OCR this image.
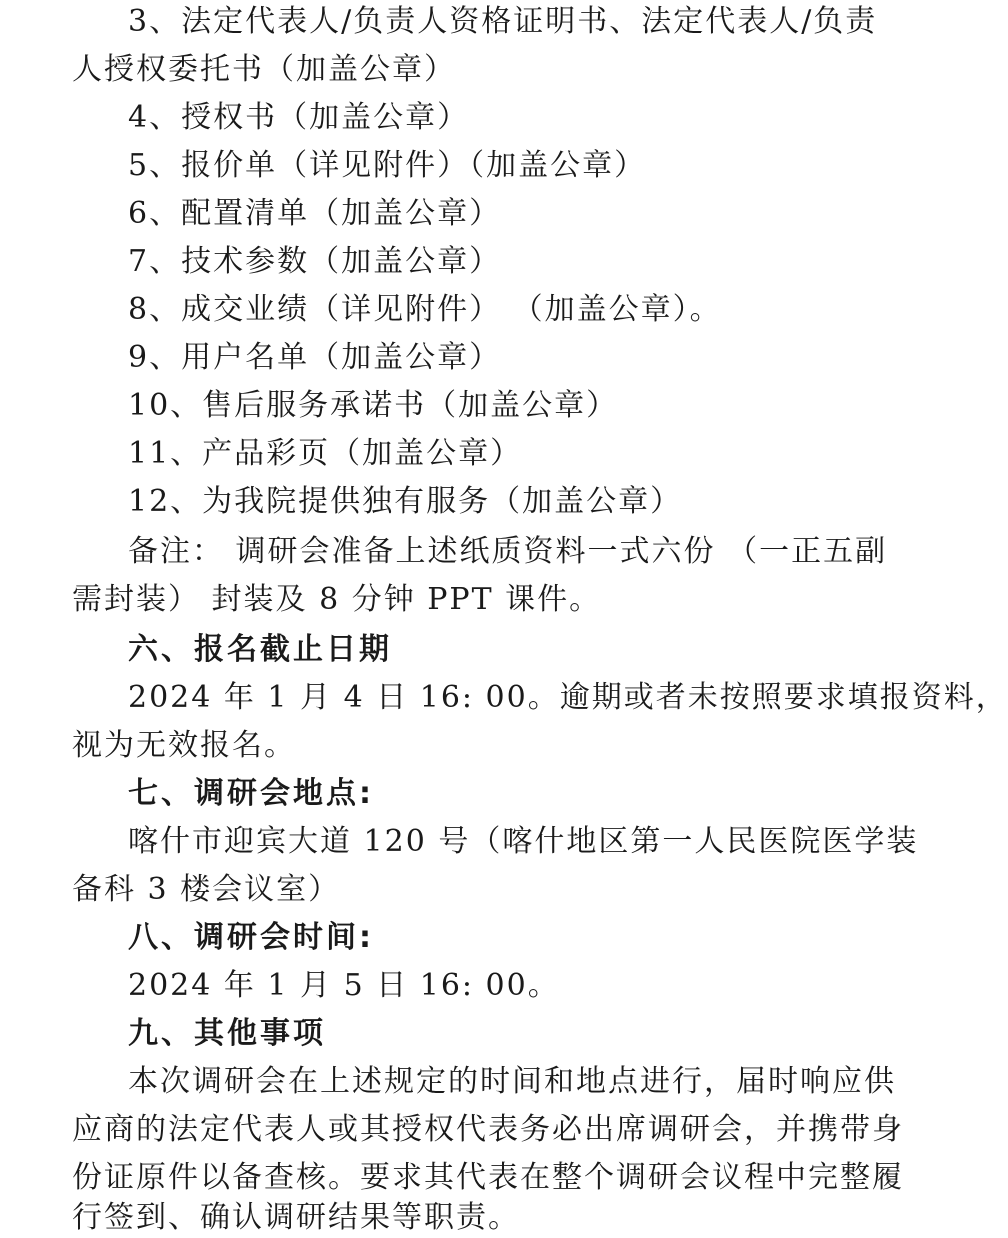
3、法定代表人/负责人资格证明书、法定代表人/负责
人授权委托书（加盖公章）
4、授权书（加盖公章）
5、报价单（详见附件）（加盖公章）
6、配置清单（加盖公章）
7、技术参数（加盖公章）
8、成交业绩（详见附件） （加盖公章）。
9、用户名单（加盖公章）
10、售后服务承诺书（加盖公章）
11、产品彩页（加盖公章）
12、为我院提供独有服务（加盖公章）
备注： 调研会准备上述纸质资料一式六份 （一正五副
需封装） 封装及 8 分钟 PPT 课件。
六、报名截止日期
2024 年 1 月 4 日 16: 00。逾期或者未按照要求填报资料，
视为无效报名。
七、调研会地点:
喀什市迎宾大道 120 号（喀什地区第一人民医院医学装
备科 3 楼会议室）
八、调研会时间:
2024 年 1 月 5 日 16: 00。
九、其他事项
本次调研会在上述规定的时间和地点进行，届时响应供
应商的法定代表人或其授权代表务必出席调研会，并携带身
份证原件以备查核。要求其代表在整个调研会议程中完整履
行签到、确认调研结果等职责。
